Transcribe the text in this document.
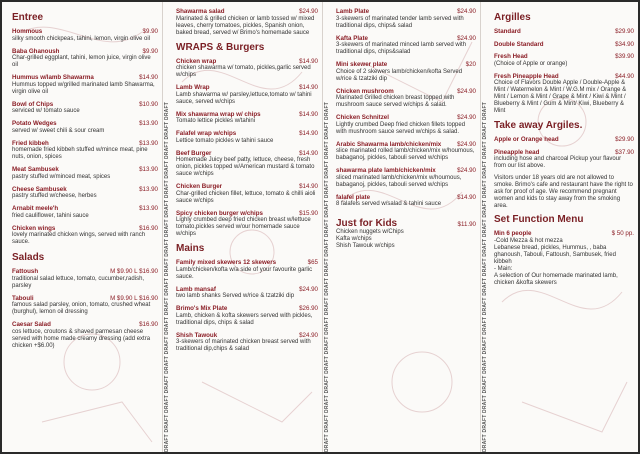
DRAFT DRAFT DRAFT DRAFT DRAFT DRAFT DRAFT DRAFT DRAFT DRAFT DRAFT DRAFT DRAFT DRAFT DRAFT DRAFT DRAFT DRAFT	DRAFT DRAFT DRAFT DRAFT DRAFT DRAFT DRAFT DRAFT DRAFT DRAFT DRAFT DRAFT DRAFT DRAFT DRAFT DRAFT DRAFT DRAFT	DRAFT DRAFT DRAFT DRAFT DRAFT DRAFT DRAFT DRAFT DRAFT DRAFT DRAFT DRAFT DRAFT DRAFT DRAFT DRAFT DRAFT DRAFT
Entree
Hommous	$9.90
silky smooth chickpeas, tahini, lemon, virgin olive oil
Baba Ghanoush	$9.90
Char-grilled eggplant, tahini, lemon juice, virgin olive oil
Hummus w/lamb Shawarma	$14.90
Hummus topped w/grilled marinated lamb Shawarma, virgin olive oil
Bowl of Chips	$10.90
serviced w/ tomato sauce
Potato Wedges	$13.90
served w/ sweet chili & sour cream
Fried kibbeh	$13.90
homemade fried kibbeh stuffed w/mince meat, pine nuts, onion, spices
Meat Sambusek	$13.90
pastry stuffed w/minced meat, spices
Cheese Sambusek	$13.90
pastry stuffed w/cheese, herbes
Arnabit meele'h	$13.90
fried cauliflower, tahini sauce
Chicken wings	$16.90
lovely marinated chicken wings, served with ranch sauce.
Salads
Fattoush	M $9.90 L $16.90
traditional salad lettuce, tomato, cucumber,radish, parsley
Tabouli	M $9.90 L $16.90
famous salad parsley, onion, tomato, crushed wheat (burghul), lemon oil dressing
Caesar Salad	$16.90
cos lettuce, croutons & shaved parmesan cheese served with home made creamy dressing (add extra chicken +$6.00)
Shawarma salad	$24.90
Marinated & grilled chicken or lamb tossed w/ mixed leaves, cherry tomatoes, pickles, Spanish onion, baked bread, served w/ Brimo's homemade sauce
WRAPS & Burgers
Chicken wrap	$14.90
chicken shawarma w/ tomato, pickles,garlic served w/chips
Lamb Wrap	$14.90
Lamb shawarma w/ parsley,lettuce,tomato w/ tahini sauce, served w/chips
Mix shawarma wrap w/ chips	$14.90
Tomato lettice pickles w/tahini
Falafel wrap w/chips	$14.90
Lettice tomato pickles w tahini sauce
Beef Burger	$14.90
Homemade Juicy beef patty, lettuce, cheese, fresh onion, pickles topped w/American mustard & tomato sauce w/chips
Chicken Burger	$14.90
Char-grilled chicken fillet, lettuce, tomato & chilli aioli sauce w/chips
Spicy chicken burger w/chips	$15.90
Lighly crumbed deep fried chicken breast w/lettuce tomato,pickles served w/our homemade sauce w/chips
Mains
Family mixed skewers 12 skewers	$65
Lamb/chicken/kofta w/a side of your favourite garlic sauce.
Lamb mansaf	$24.90
two lamb shanks Served w/rice & tzatziki dip
Brimo's Mix Plate	$26.90
Lamb, chicken & kofta skewers served with pickles, traditional dips, chips & salad
Shish Tawouk	$24.90
3-skewers of marinated chicken breast served with traditional dip,chips & salad
Lamb Plate	$24.90
3-skewers of marinated tender lamb served with traditional dips, chips& salad
Kafta Plate	$24.90
3-skewers of marinated minced lamb served with traditional dips, chips&salad
Mini skewer plate	$20
Choice of 2 skewers lamb/chicken/kofta Served w/rice & tzatziki dip
Chicken mushroom	$24.90
Marinated Grilled chicken breast topped with mushroom sauce served w/chips & salad.
Chicken Schnitzel	$24.90
Lightly crumbed Deep fried chicken fillets topped with mushroom sauce served w/chips & salad.
Arabic Shawarma lamb/chicken/mix	$24.90
slice marinated rolled lamb/chicken/mix w/houmous, babaganoj, pickles, tabouli served w/chips
shawarma plate lamb/chicken/mix	$24.90
sliced marinated lamb/chicken/mix w/houmous, babaganoj, pickles, tabouli served w/chips
falafel plate	$14.90
8 falafels served w/salad & tahini sauce
Just for Kids	$11.90
Chicken nuggets w/Chips
Kafta w/chips
Shish Tawouk w/chips
Argilles
Standard	$29.90
Double Standard	$34.90
Fresh Head	$39.90
(Choice of Apple or orange)
Fresh Pineapple Head	$44.90
Choice of Flavors Double Apple / Double-Apple & Mint / Watermelon & Mint / W.G.M mix / Orange & Mint / Lemon & Mint / Grape & Mint / Kiwi & Mint / Blueberry & Mint / Gum & Mint/ Kiwi, Blueberry & Mint
Take away Argiles.
Apple or Orange head	$29.90
Pineapple head	$37.90
including hose and charcoal Pickup your flavour from our list above.
Visitors under 18 years old are not allowed to smoke. Brimo's cafe and restaurant have the right to ask for proof of age. We recommend pregnant women and kids to stay away from the smoking area.
Set Function Menu
Min 6 people	$ 50 pp.
-Cold Mezza & hot mezza
Lebanese bread, pickles, Hummus, , baba ghanoush, Tabouli, Fattoush, Sambusek, fried kibbeh
- Main:
A selection of Our homemade marinated lamb, chicken &kofta skewers
